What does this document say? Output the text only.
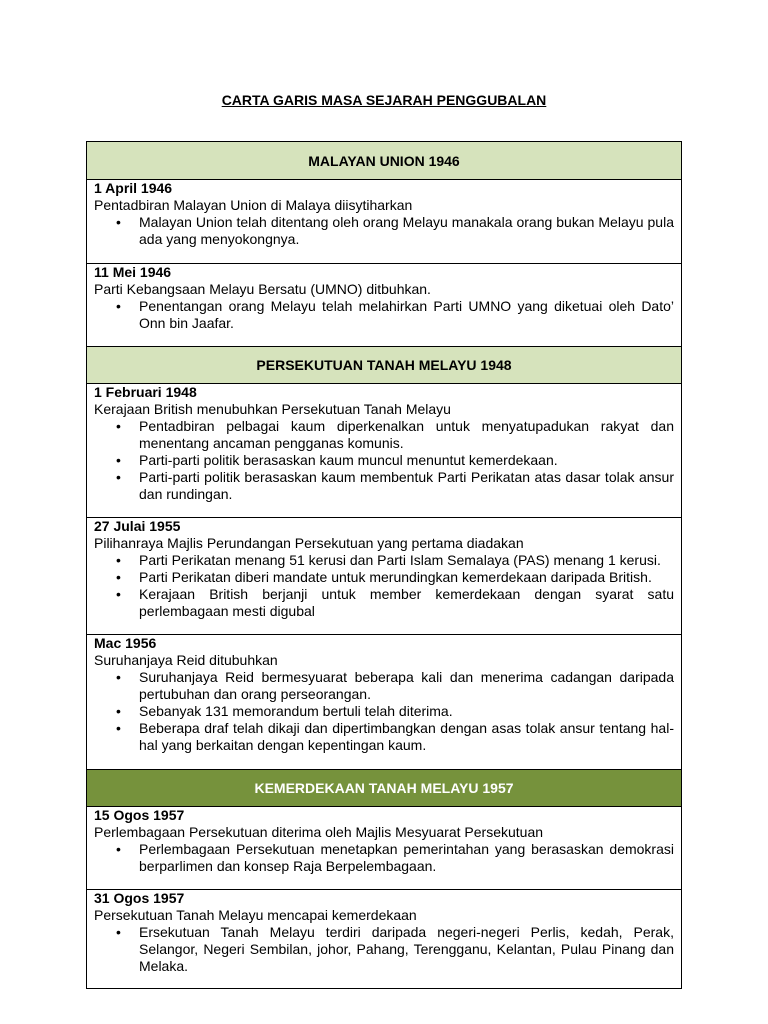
CARTA GARIS MASA SEJARAH PENGGUBALAN
MALAYAN UNION 1946
1 April 1946
Pentadbiran Malayan Union di Malaya diisytiharkan
• Malayan Union telah ditentang oleh orang Melayu manakala orang bukan Melayu pula ada yang menyokongnya.
11 Mei 1946
Parti Kebangsaan Melayu Bersatu (UMNO) ditbuhkan.
• Penentangan orang Melayu telah melahirkan Parti UMNO yang diketuai oleh Dato’ Onn bin Jaafar.
PERSEKUTUAN TANAH MELAYU 1948
1 Februari 1948
Kerajaan British menubuhkan Persekutuan Tanah Melayu
• Pentadbiran pelbagai kaum diperkenalkan untuk menyatupadukan rakyat dan menentang ancaman pengganas komunis.
• Parti-parti politik berasaskan kaum muncul menuntut kemerdekaan.
• Parti-parti politik berasaskan kaum membentuk Parti Perikatan atas dasar tolak ansur dan rundingan.
27 Julai 1955
Pilihanraya Majlis Perundangan Persekutuan yang pertama diadakan
• Parti Perikatan menang 51 kerusi dan Parti Islam Semalaya (PAS) menang 1 kerusi.
• Parti Perikatan diberi mandate untuk merundingkan kemerdekaan daripada British.
• Kerajaan British berjanji untuk member kemerdekaan dengan syarat satu perlembagaan mesti digubal
Mac 1956
Suruhanjaya Reid ditubuhkan
• Suruhanjaya Reid bermesyuarat beberapa kali dan menerima cadangan daripada pertubuhan dan orang perseorangan.
• Sebanyak 131 memorandum bertuli telah diterima.
• Beberapa draf telah dikaji dan dipertimbangkan dengan asas tolak ansur tentang hal-hal yang berkaitan dengan kepentingan kaum.
KEMERDEKAAN TANAH MELAYU 1957
15 Ogos 1957
Perlembagaan Persekutuan diterima oleh Majlis Mesyuarat Persekutuan
• Perlembagaan Persekutuan menetapkan pemerintahan yang berasaskan demokrasi berparlimen dan konsep Raja Berpelembagaan.
31 Ogos 1957
Persekutuan Tanah Melayu mencapai kemerdekaan
• Ersekutuan Tanah Melayu terdiri daripada negeri-negeri Perlis, kedah, Perak, Selangor, Negeri Sembilan, johor, Pahang, Terengganu, Kelantan, Pulau Pinang dan Melaka.
